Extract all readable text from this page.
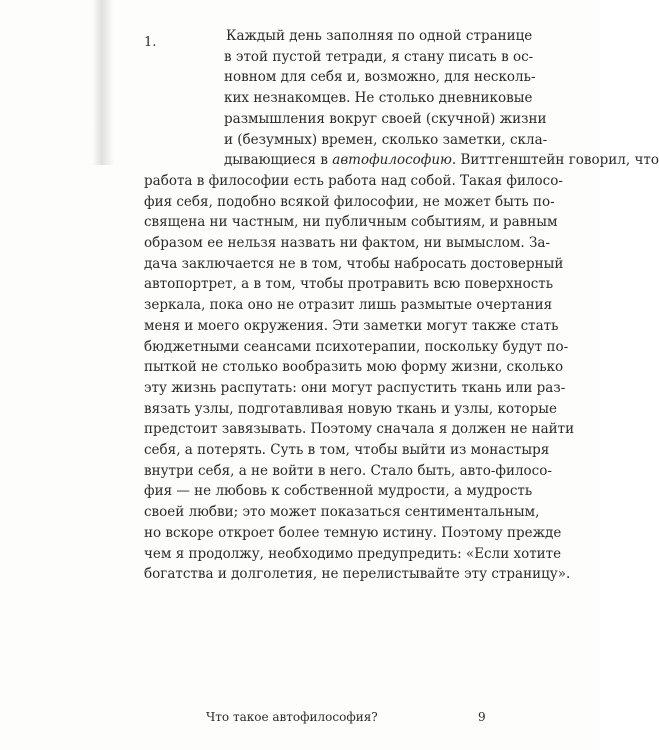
1.	Каждый день заполняя по одной странице
в этой пустой тетради, я стану писать в ос-
новном для себя и, возможно, для несколь-
ких незнакомцев. Не столько дневниковые
размышления вокруг своей (скучной) жизни
и (безумных) времен, сколько заметки, скла-
дывающиеся в автофилософию. Виттгенштейн говорил, что
работа в философии есть работа над собой. Такая филосо-
фия себя, подобно всякой философии, не может быть по-
священа ни частным, ни публичным событиям, и равным
образом ее нельзя назвать ни фактом, ни вымыслом. За-
дача заключается не в том, чтобы набросать достоверный
автопортрет, а в том, чтобы протравить всю поверхность
зеркала, пока оно не отразит лишь размытые очертания
меня и моего окружения. Эти заметки могут также стать
бюджетными сеансами психотерапии, поскольку будут по-
пыткой не столько вообразить мою форму жизни, сколько
эту жизнь распутать: они могут распустить ткань или раз-
вязать узлы, подготавливая новую ткань и узлы, которые
предстоит завязывать. Поэтому сначала я должен не найти
себя, а потерять. Суть в том, чтобы выйти из монастыря
внутри себя, а не войти в него. Стало быть, авто-филосо-
фия — не любовь к собственной мудрости, а мудрость
своей любви; это может показаться сентиментальным,
но вскоре откроет более темную истину. Поэтому прежде
чем я продолжу, необходимо предупредить: «Если хотите
богатства и долголетия, не перелистывайте эту страницу».
Что такое автофилософия?	9
